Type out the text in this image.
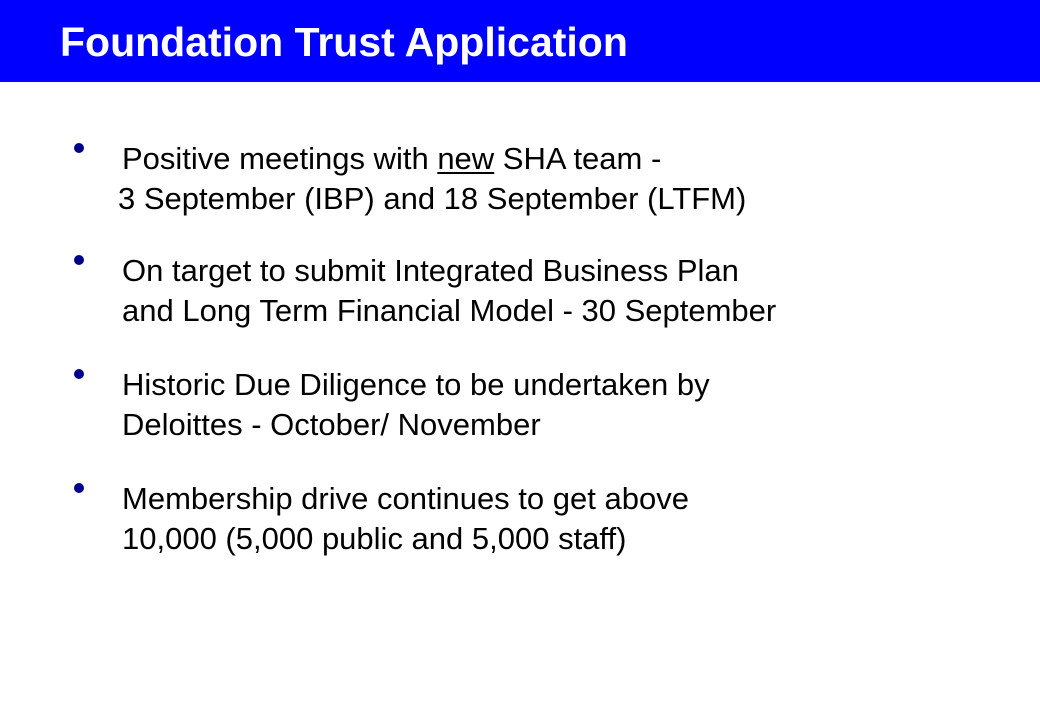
Foundation Trust Application
Positive meetings with new SHA team -
3 September (IBP) and 18 September (LTFM)
On target to submit Integrated Business Plan
and Long Term Financial Model - 30 September
Historic Due Diligence to be undertaken by
Deloittes - October/ November
Membership drive continues to get above
10,000 (5,000 public and 5,000 staff)
